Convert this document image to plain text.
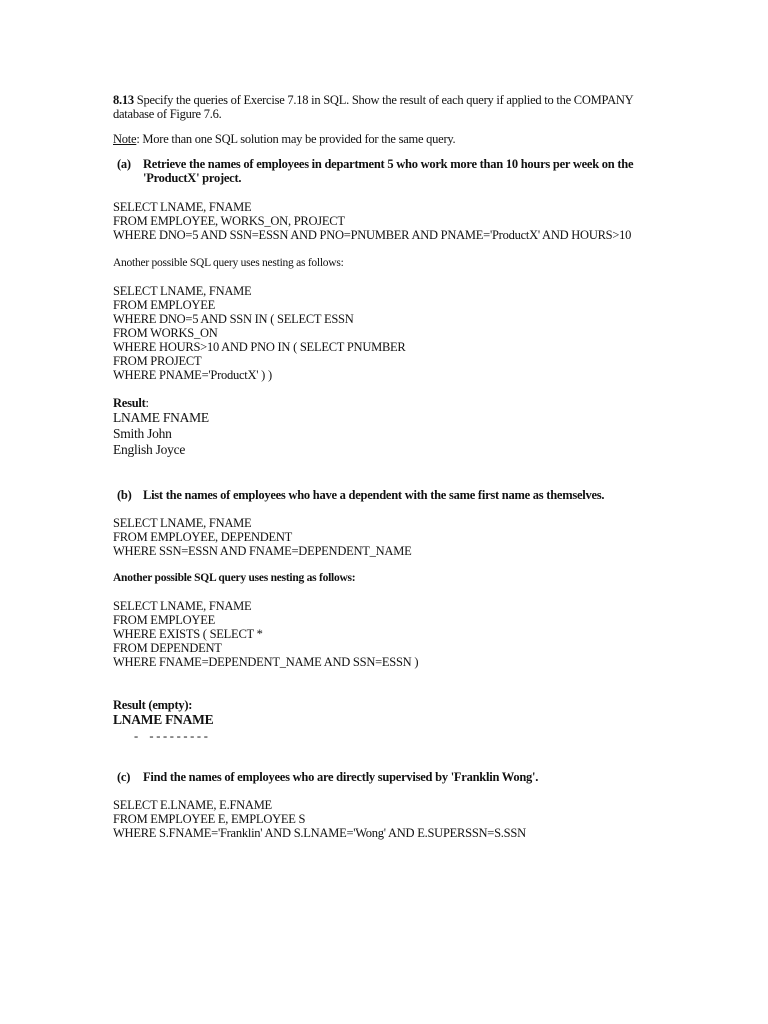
8.13 Specify the queries of Exercise 7.18 in SQL. Show the result of each query if applied to the COMPANY database of Figure 7.6.

Note: More than one SQL solution may be provided for the same query.

(a) Retrieve the names of employees in department 5 who work more than 10 hours per week on the 'ProductX' project.
SELECT LNAME, FNAME
FROM EMPLOYEE, WORKS_ON, PROJECT
WHERE DNO=5 AND SSN=ESSN AND PNO=PNUMBER AND PNAME='ProductX' AND HOURS>10

Another possible SQL query uses nesting as follows:

SELECT LNAME, FNAME
FROM EMPLOYEE
WHERE DNO=5 AND SSN IN ( SELECT ESSN
FROM WORKS_ON
WHERE HOURS>10 AND PNO IN ( SELECT PNUMBER
FROM PROJECT
WHERE PNAME='ProductX' ) )
Result:
LNAME FNAME
Smith John
English Joyce
(b) List the names of employees who have a dependent with the same first name as themselves.
SELECT LNAME, FNAME
FROM EMPLOYEE, DEPENDENT
WHERE SSN=ESSN AND FNAME=DEPENDENT_NAME

Another possible SQL query uses nesting as follows:

SELECT LNAME, FNAME
FROM EMPLOYEE
WHERE EXISTS ( SELECT *
FROM DEPENDENT
WHERE FNAME=DEPENDENT_NAME AND SSN=ESSN )
Result (empty):
LNAME FNAME
-    - - - - - - - - -
(c) Find the names of employees who are directly supervised by 'Franklin Wong'.
SELECT E.LNAME, E.FNAME
FROM EMPLOYEE E, EMPLOYEE S
WHERE S.FNAME='Franklin' AND S.LNAME='Wong' AND E.SUPERSSN=S.SSN
